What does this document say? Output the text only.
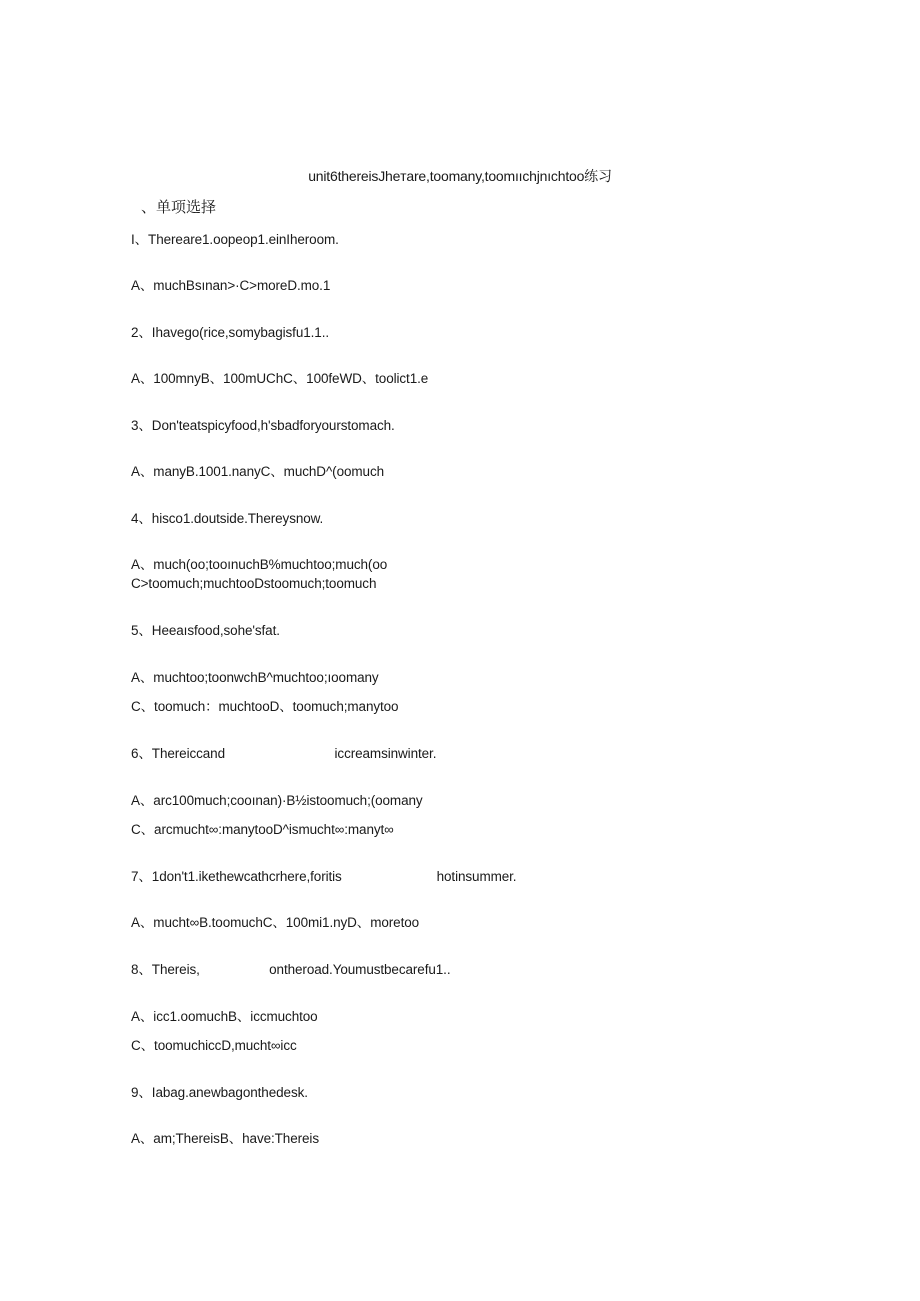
unit6thereisJheтare,toomany,toomııchjnıchtoo练习
、单项选择
I、Thereare1.oopeop1.einIheroom.
A、muchBsınan>·C>moreD.mo.1
2、Ihavego(rice,somybagisfu1.1..
A、100mnyB、100mUChC、100feWD、toolict1.e
3、Don'teatspicyfood,h'sbadforyourstomach.
A、manyB.1001.nanyC、muchD^(oomuch
4、hisco1.doutside.Thereysnow.
A、much(oo;tooınuchB%muchtoo;much(oo
C>toomuch;muchtooDstoomuch;toomuch
5、Heeaısfood,sohe'sfat.
A、muchtoo;toonwchB^muchtoo;ıoomany
C、toomuch：muchtooD、toomuch;manytoo
6、Thereiccand                              iccreamsinwinter.
A、arc100much;cooınan)·B½istoomuch;(oomany
C、arcmucht∞:manytooD^ismucht∞:manyt∞
7、1don't1.ikethewcathcrhere,foritis                          hotinsummer.
A、mucht∞B.toomuchC、100mi1.nyD、moretoo
8、Thereis,                   ontheroad.Youmustbecarefu1..
A、icc1.oomuchB、iccmuchtoo
C、toomuchiccD,mucht∞icc
9、Iabag.anewbagonthedesk.
A、am;ThereisB、have:Thereis
